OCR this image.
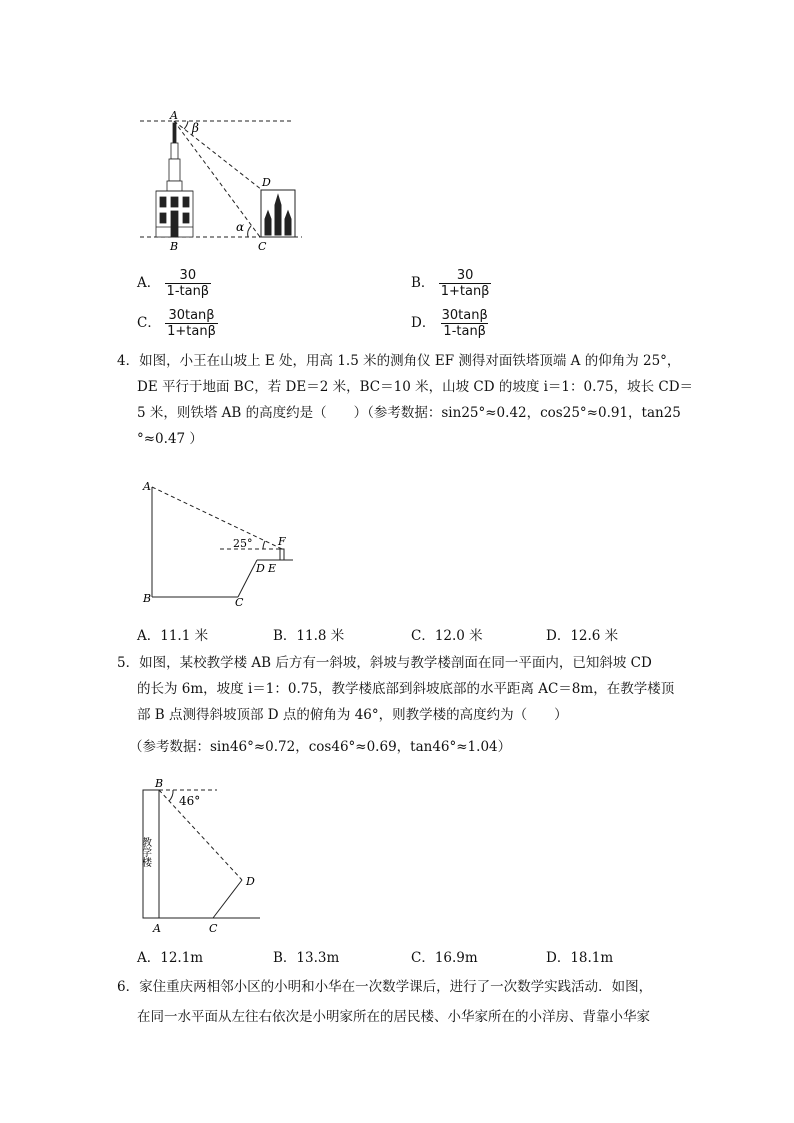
A
β
D
α
B	C
A． $\frac{30}{1-\tan\beta}$	B． $\frac{30}{1+\tan\beta}$
C． $\frac{30\tan\beta}{1+\tan\beta}$	D． $\frac{30\tan\beta}{1-\tan\beta}$
4．如图，小王在山坡上 E 处，用高 1.5 米的测角仪 EF 测得对面铁塔顶端 A 的仰角为 25°，
DE 平行于地面 BC，若 DE＝2 米，BC＝10 米，山坡 CD 的坡度 i＝1：0.75，坡长 CD＝
5 米，则铁塔 AB 的高度约是（　　）（参考数据：sin25°≈0.42，cos25°≈0.91，tan25
°≈0.47 ）
A
25° F
D E
B	C
A．11.1 米	B．11.8 米	C．12.0 米	D．12.6 米
5．如图，某校教学楼 AB 后方有一斜坡，斜坡与教学楼剖面在同一平面内，已知斜坡 CD
的长为 6m，坡度 i＝1：0.75，教学楼底部到斜坡底部的水平距离 AC＝8m，在教学楼顶
部 B 点测得斜坡顶部 D 点的俯角为 46°，则教学楼的高度约为（　　）
（参考数据：sin46°≈0.72，cos46°≈0.69，tan46°≈1.04）
B
46°
D
A	C
教学楼
A．12.1m	B．13.3m	C．16.9m	D．18.1m
6．家住重庆两相邻小区的小明和小华在一次数学课后，进行了一次数学实践活动．如图，
在同一水平面从左往右依次是小明家所在的居民楼、小华家所在的小洋房、背靠小华家
